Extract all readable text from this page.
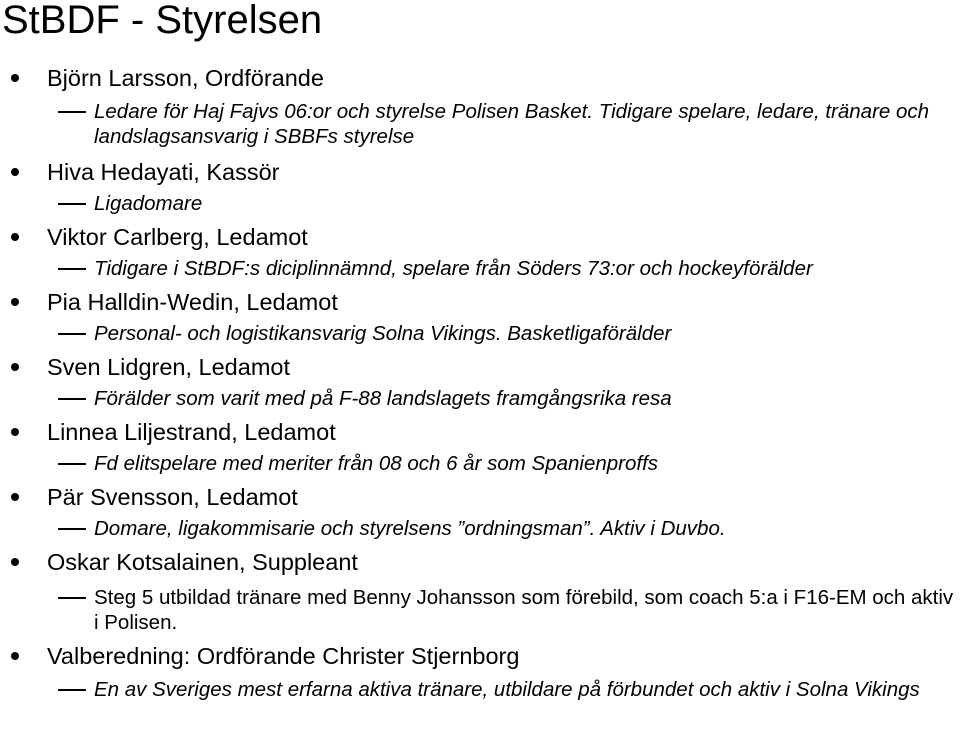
StBDF - Styrelsen
Björn Larsson, Ordförande
Ledare för Haj Fajvs 06:or och styrelse Polisen Basket. Tidigare spelare, ledare, tränare och landslagsansvarig i SBBFs styrelse
Hiva Hedayati, Kassör
Ligadomare
Viktor Carlberg, Ledamot
Tidigare i StBDF:s diciplinnämnd, spelare från Söders 73:or och hockeyförälder
Pia Halldin-Wedin, Ledamot
Personal- och logistikansvarig Solna Vikings. Basketligaförälder
Sven Lidgren, Ledamot
Förälder som varit med på F-88 landslagets framgångsrika resa
Linnea Liljestrand, Ledamot
Fd elitspelare med meriter från 08 och 6 år som Spanienproffs
Pär Svensson, Ledamot
Domare, ligakommisarie och styrelsens ”ordningsman”. Aktiv i Duvbo.
Oskar Kotsalainen, Suppleant
Steg 5 utbildad tränare med Benny Johansson som förebild, som coach 5:a i F16-EM och aktiv i Polisen.
Valberedning: Ordförande Christer Stjernborg
En av Sveriges mest erfarna aktiva tränare, utbildare på förbundet och aktiv i Solna Vikings
